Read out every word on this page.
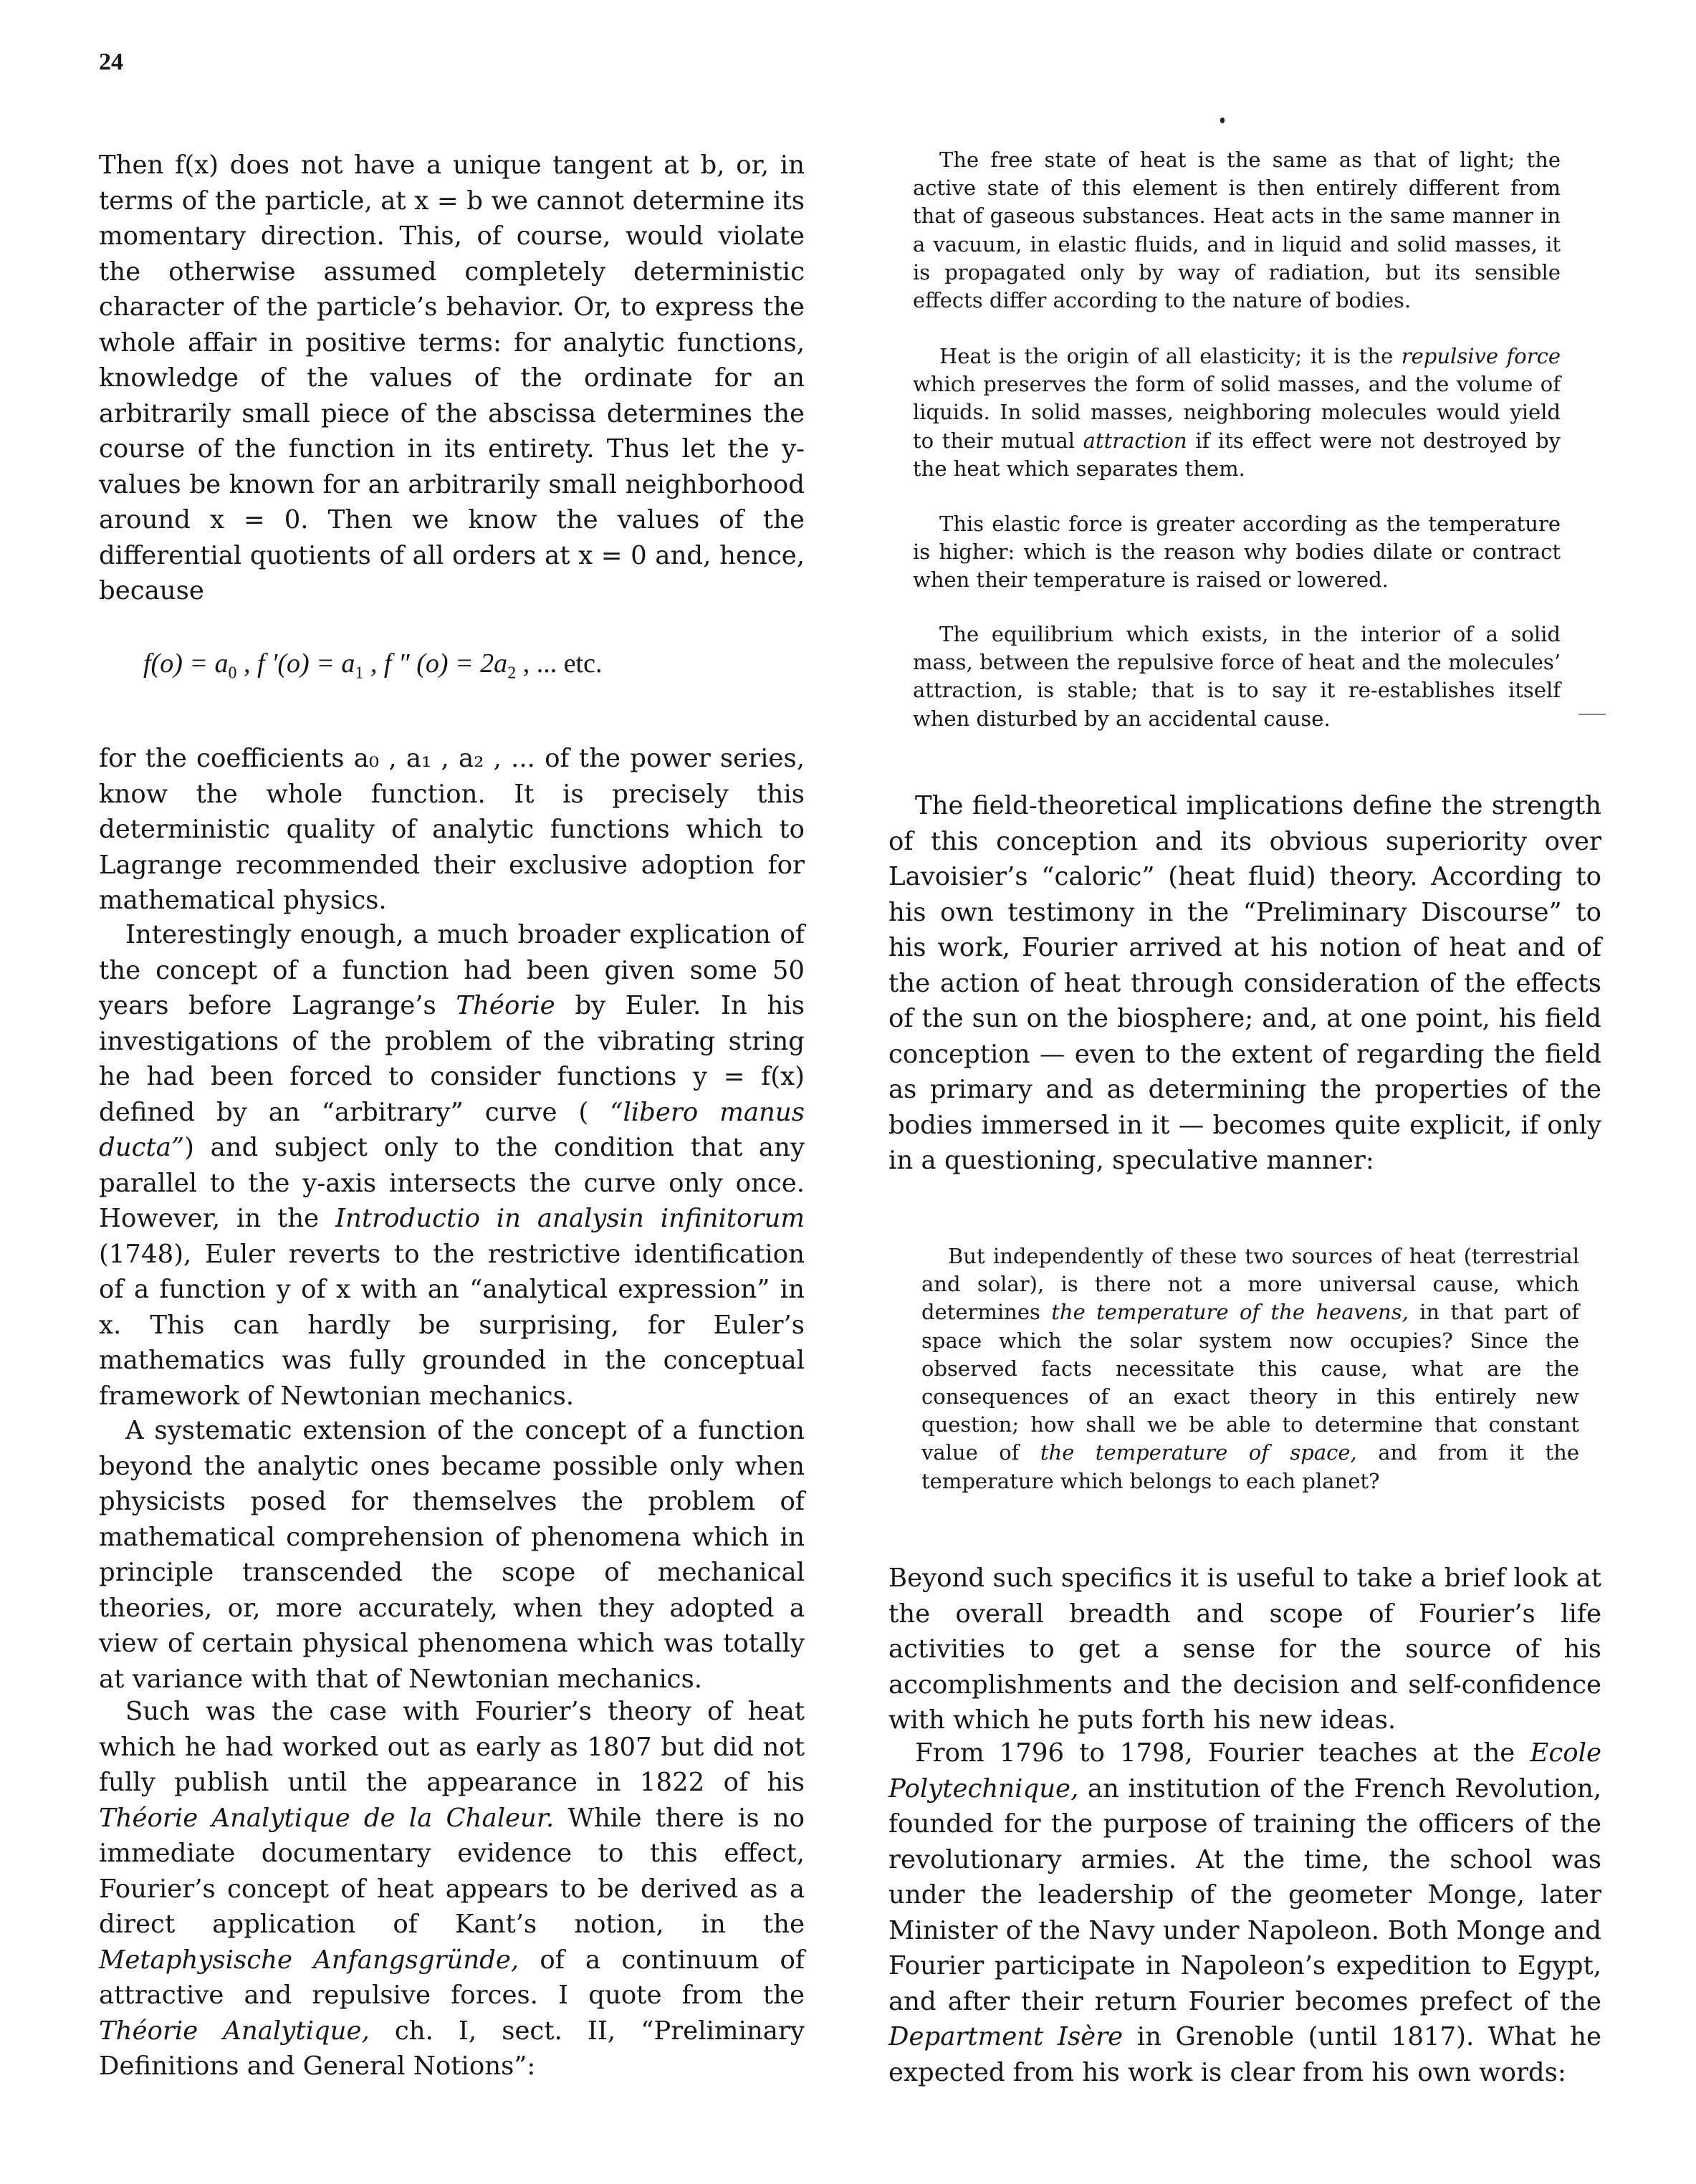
24

Then f(x) does not have a unique tangent at b, or, in terms of the particle, at x = b we cannot determine its momentary direction. This, of course, would violate the otherwise assumed completely deterministic character of the particle’s behavior. Or, to express the whole affair in positive terms: for analytic functions, knowledge of the values of the ordinate for an arbitrarily small piece of the abscissa determines the course of the function in its entirety. Thus let the y-values be known for an arbitrarily small neighborhood around x = 0. Then we know the values of the differential quotients of all orders at x = 0 and, hence, because

for the coefficients a₀ , a₁ , a₂ , ... of the power series, know the whole function. It is precisely this deterministic quality of analytic functions which to Lagrange recommended their exclusive adoption for mathematical physics.

Interestingly enough, a much broader explication of the concept of a function had been given some 50 years before Lagrange’s Théorie by Euler. In his investigations of the problem of the vibrating string he had been forced to consider functions y = f(x) defined by an “arbitrary” curve ( “libero manus ducta”) and subject only to the condition that any parallel to the y-axis intersects the curve only once. However, in the Introductio in analysin infinitorum (1748), Euler reverts to the restrictive identification of a function y of x with an “analytical expression” in x. This can hardly be surprising, for Euler’s mathematics was fully grounded in the conceptual framework of Newtonian mechanics.

A systematic extension of the concept of a function beyond the analytic ones became possible only when physicists posed for themselves the problem of mathematical comprehension of phenomena which in principle transcended the scope of mechanical theories, or, more accurately, when they adopted a view of certain physical phenomena which was totally at variance with that of Newtonian mechanics.

Such was the case with Fourier’s theory of heat which he had worked out as early as 1807 but did not fully publish until the appearance in 1822 of his Théorie Analytique de la Chaleur. While there is no immediate documentary evidence to this effect, Fourier’s concept of heat appears to be derived as a direct application of Kant’s notion, in the Metaphysische Anfangsgründe, of a continuum of attractive and repulsive forces. I quote from the Théorie Analytique, ch. I, sect. II, “Preliminary Definitions and General Notions”:

$f(o) = a_0$ , f $'(o) = a_1$ , f ″ $(o) = 2a_2$ , ... etc.

The free state of heat is the same as that of light; the active state of this element is then entirely different from that of gaseous substances. Heat acts in the same manner in a vacuum, in elastic fluids, and in liquid and solid masses, it is propagated only by way of radiation, but its sensible effects differ according to the nature of bodies.

Heat is the origin of all elasticity; it is the repulsive force which preserves the form of solid masses, and the volume of liquids. In solid masses, neighboring molecules would yield to their mutual attraction if its effect were not destroyed by the heat which separates them.

This elastic force is greater according as the temperature is higher: which is the reason why bodies dilate or contract when their temperature is raised or lowered.

The equilibrium which exists, in the interior of a solid mass, between the repulsive force of heat and the molecules’ attraction, is stable; that is to say it re-establishes itself when disturbed by an accidental cause.

The field-theoretical implications define the strength of this conception and its obvious superiority over Lavoisier’s “caloric” (heat fluid) theory. According to his own testimony in the “Preliminary Discourse” to his work, Fourier arrived at his notion of heat and of the action of heat through consideration of the effects of the sun on the biosphere; and, at one point, his field conception — even to the extent of regarding the field as primary and as determining the properties of the bodies immersed in it — becomes quite explicit, if only in a questioning, speculative manner:

But independently of these two sources of heat (terrestrial and solar), is there not a more universal cause, which determines the temperature of the heavens, in that part of space which the solar system now occupies? Since the observed facts necessitate this cause, what are the consequences of an exact theory in this entirely new question; how shall we be able to determine that constant value of the temperature of space, and from it the temperature which belongs to each planet?

Beyond such specifics it is useful to take a brief look at the overall breadth and scope of Fourier’s life activities to get a sense for the source of his accomplishments and the decision and self-confidence with which he puts forth his new ideas.

From 1796 to 1798, Fourier teaches at the Ecole Polytechnique, an institution of the French Revolution, founded for the purpose of training the officers of the revolutionary armies. At the time, the school was under the leadership of the geometer Monge, later Minister of the Navy under Napoleon. Both Monge and Fourier participate in Napoleon’s expedition to Egypt, and after their return Fourier becomes prefect of the Department Isère in Grenoble (until 1817). What he expected from his work is clear from his own words:
